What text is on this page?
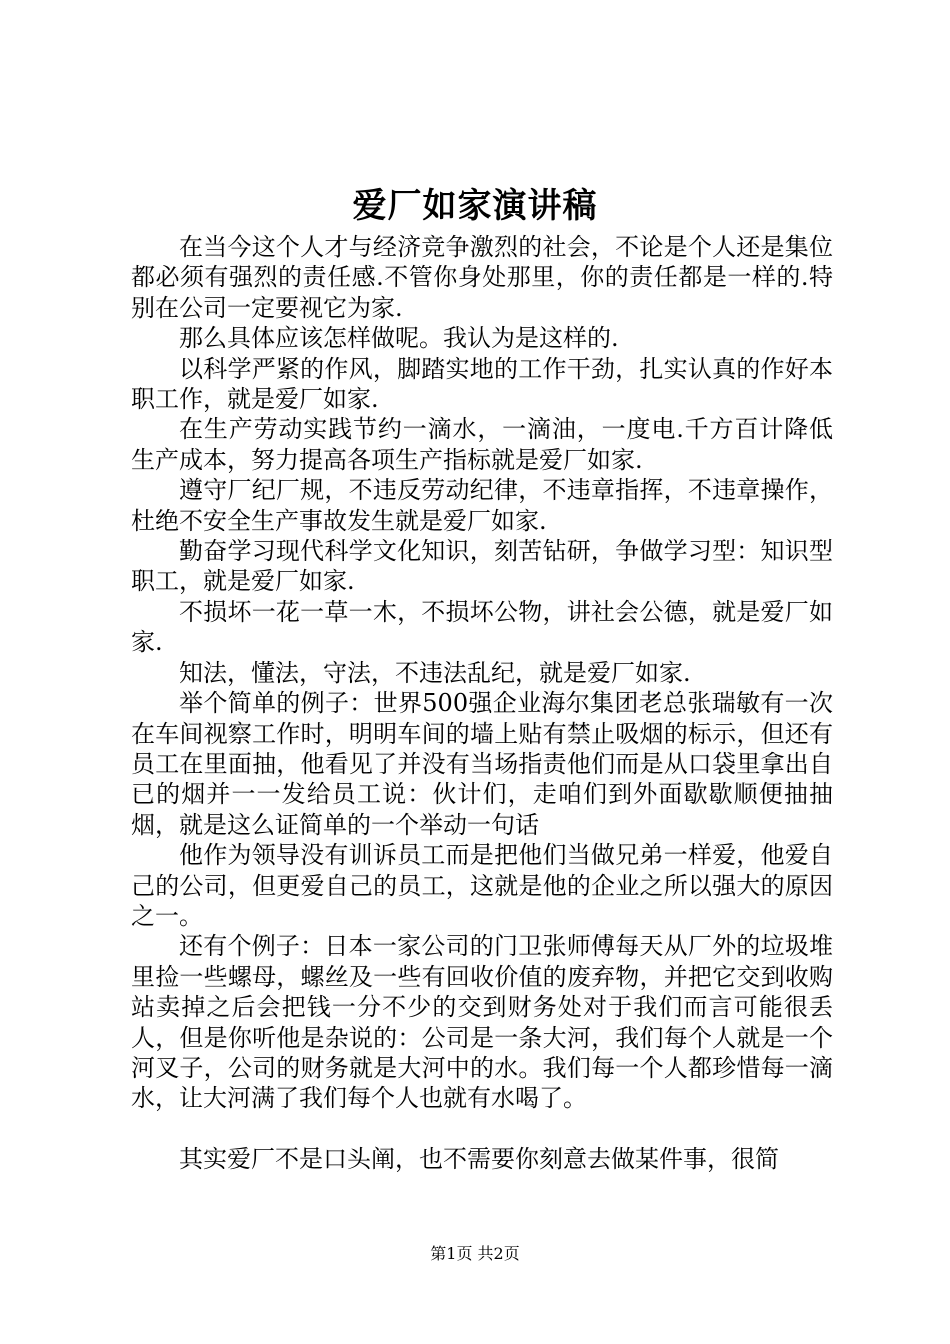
爱厂如家演讲稿

在当今这个人才与经济竞争激烈的社会，不论是个人还是集位都必须有强烈的责任感.不管你身处那里，你的责任都是一样的.特别在公司一定要视它为家.

那么具体应该怎样做呢。我认为是这样的.

以科学严紧的作风，脚踏实地的工作干劲，扎实认真的作好本职工作，就是爱厂如家.

在生产劳动实践节约一滴水，一滴油，一度电.千方百计降低生产成本，努力提高各项生产指标就是爱厂如家.

遵守厂纪厂规，不违反劳动纪律，不违章指挥，不违章操作，杜绝不安全生产事故发生就是爱厂如家.

勤奋学习现代科学文化知识，刻苦钻研，争做学习型：知识型职工，就是爱厂如家.

不损坏一花一草一木，不损坏公物，讲社会公德，就是爱厂如家.

知法，懂法，守法，不违法乱纪，就是爱厂如家.

举个简单的例子：世界500强企业海尔集团老总张瑞敏有一次在车间视察工作时，明明车间的墙上贴有禁止吸烟的标示，但还有员工在里面抽，他看见了并没有当场指责他们而是从口袋里拿出自已的烟并一一发给员工说：伙计们，走咱们到外面歇歇顺便抽抽烟，就是这么证简单的一个举动一句话

他作为领导没有训诉员工而是把他们当做兄弟一样爱，他爱自己的公司，但更爱自己的员工，这就是他的企业之所以强大的原因之一。

还有个例子：日本一家公司的门卫张师傅每天从厂外的垃圾堆里捡一些螺母，螺丝及一些有回收价值的废弃物，并把它交到收购站卖掉之后会把钱一分不少的交到财务处对于我们而言可能很丢人，但是你听他是杂说的：公司是一条大河，我们每个人就是一个河叉子，公司的财务就是大河中的水。我们每一个人都珍惜每一滴水，让大河满了我们每个人也就有水喝了。

其实爱厂不是口头阐，也不需要你刻意去做某件事，很简

第1页 共2页
